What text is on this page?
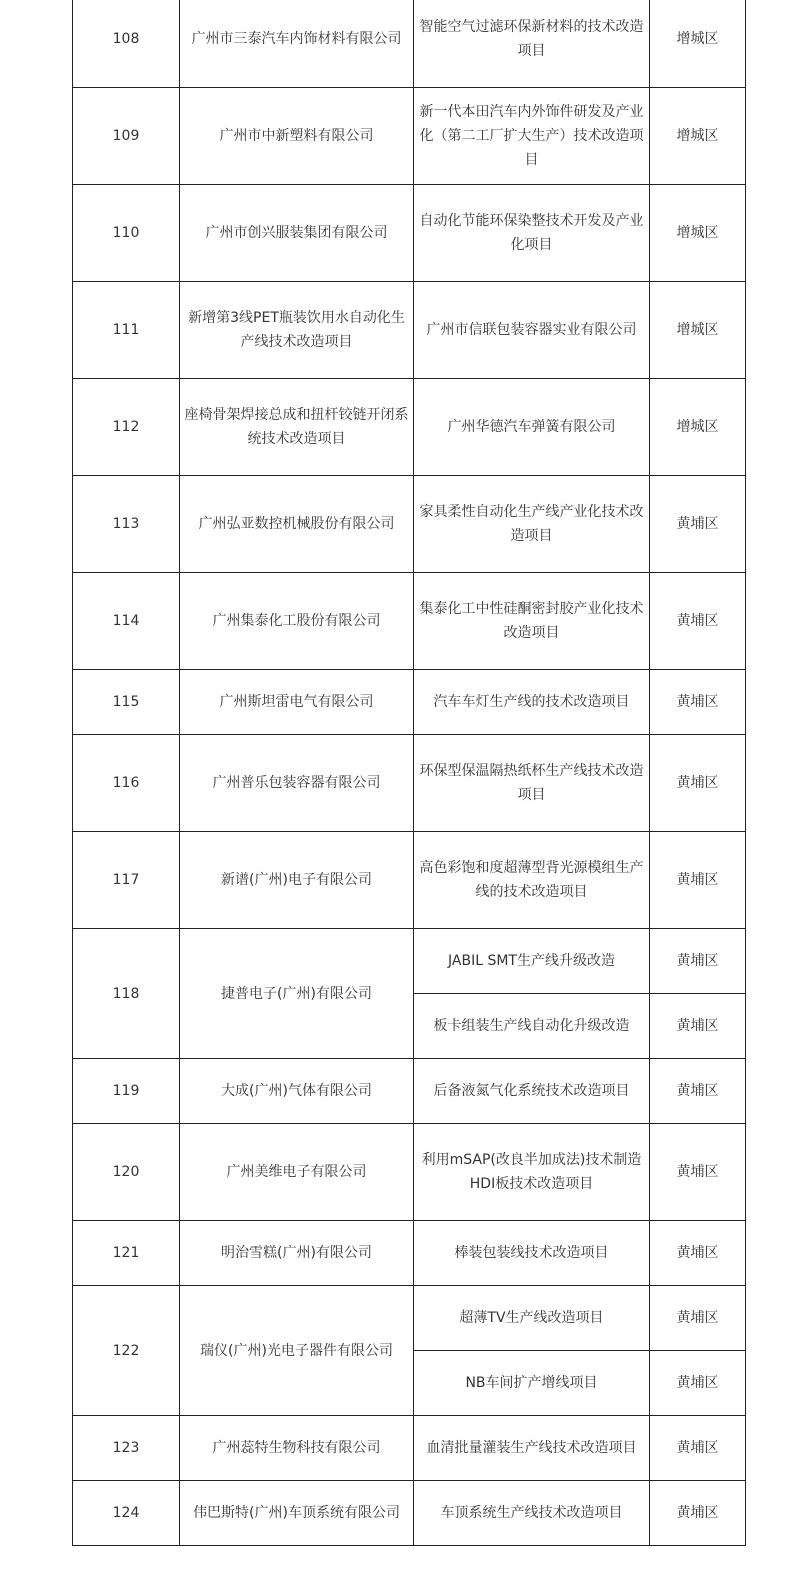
108	广州市三泰汽车内饰材料有限公司	智能空气过滤环保新材料的技术改造项目	增城区
109	广州市中新塑料有限公司	新一代本田汽车内外饰件研发及产业化（第二工厂扩大生产）技术改造项目	增城区
110	广州市创兴服装集团有限公司	自动化节能环保染整技术开发及产业化项目	增城区
111	新增第3线PET瓶装饮用水自动化生产线技术改造项目	广州市信联包装容器实业有限公司	增城区
112	座椅骨架焊接总成和扭杆铰链开闭系统技术改造项目	广州华德汽车弹簧有限公司	增城区
113	广州弘亚数控机械股份有限公司	家具柔性自动化生产线产业化技术改造项目	黄埔区
114	广州集泰化工股份有限公司	集泰化工中性硅酮密封胶产业化技术改造项目	黄埔区
115	广州斯坦雷电气有限公司	汽车车灯生产线的技术改造项目	黄埔区
116	广州普乐包装容器有限公司	环保型保温隔热纸杯生产线技术改造项目	黄埔区
117	新谱(广州)电子有限公司	高色彩饱和度超薄型背光源模组生产线的技术改造项目	黄埔区
118	捷普电子(广州)有限公司	JABIL SMT生产线升级改造	黄埔区
		板卡组装生产线自动化升级改造	黄埔区
119	大成(广州)气体有限公司	后备液氮气化系统技术改造项目	黄埔区
120	广州美维电子有限公司	利用mSAP(改良半加成法)技术制造HDI板技术改造项目	黄埔区
121	明治雪糕(广州)有限公司	棒装包装线技术改造项目	黄埔区
122	瑞仪(广州)光电子器件有限公司	超薄TV生产线改造项目	黄埔区
		NB车间扩产增线项目	黄埔区
123	广州蕊特生物科技有限公司	血清批量灌装生产线技术改造项目	黄埔区
124	伟巴斯特(广州)车顶系统有限公司	车顶系统生产线技术改造项目	黄埔区
